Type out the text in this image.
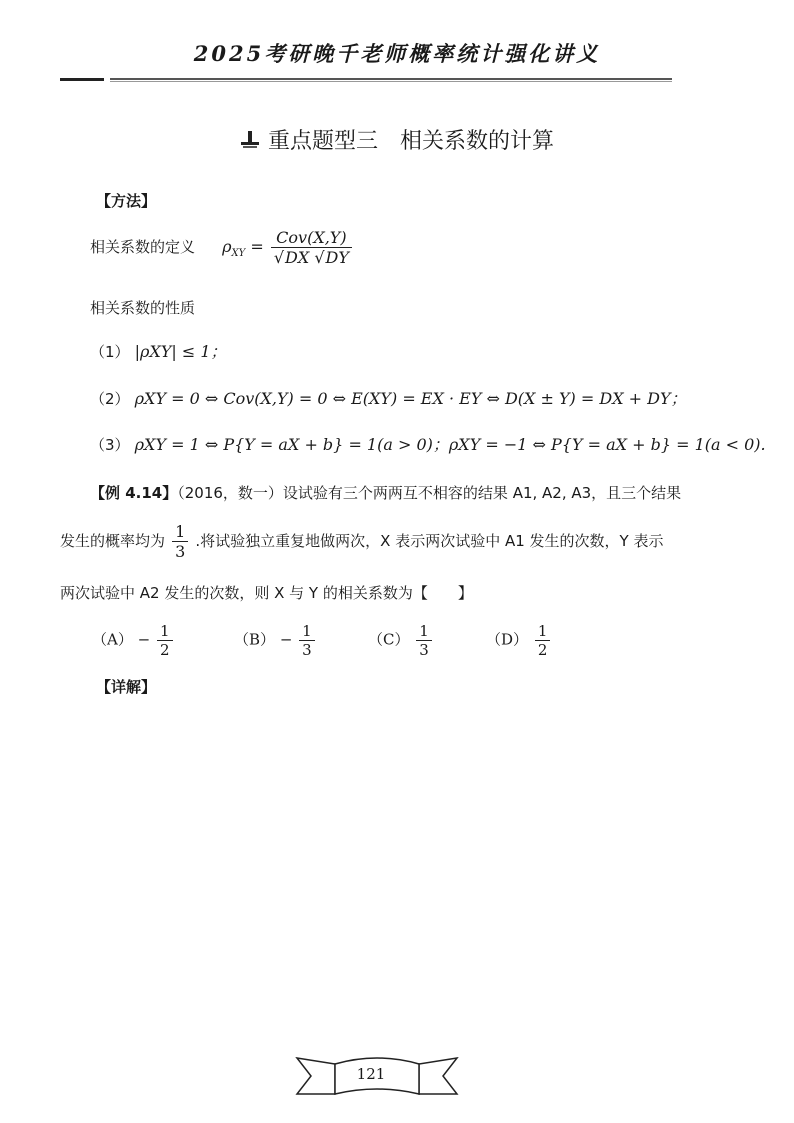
2025考研晚千老师概率统计强化讲义
重点题型三　相关系数的计算
【方法】
相关系数的定义 $\rho_{XY} = \frac{\text{Cov(X,Y)}}{√DX √DY}$
相关系数的性质
（1） |ρXY| ≤ 1；
（2） ρXY = 0 ⇔ Cov(X,Y) = 0 ⇔ E(XY) = EX · EY ⇔ D(X ± Y) = DX + DY；
（3） ρXY = 1 ⇔ P{Y = aX + b} = 1(a > 0)；ρXY = −1 ⇔ P{Y = aX + b} = 1(a < 0).
【例 4.14】（2016，数一）设试验有三个两两互不相容的结果 A1, A2, A3，且三个结果
发生的概率均为 $\frac{1}{3}$ .将试验独立重复地做两次，X 表示两次试验中 A1 发生的次数，Y 表示
两次试验中 A2 发生的次数，则 X 与 Y 的相关系数为【　　】
$(A) - \frac{1}{2}$	$(B) - \frac{1}{3}$	$(C) \frac{1}{3}$	$(D) \frac{1}{2}$
【详解】
121
